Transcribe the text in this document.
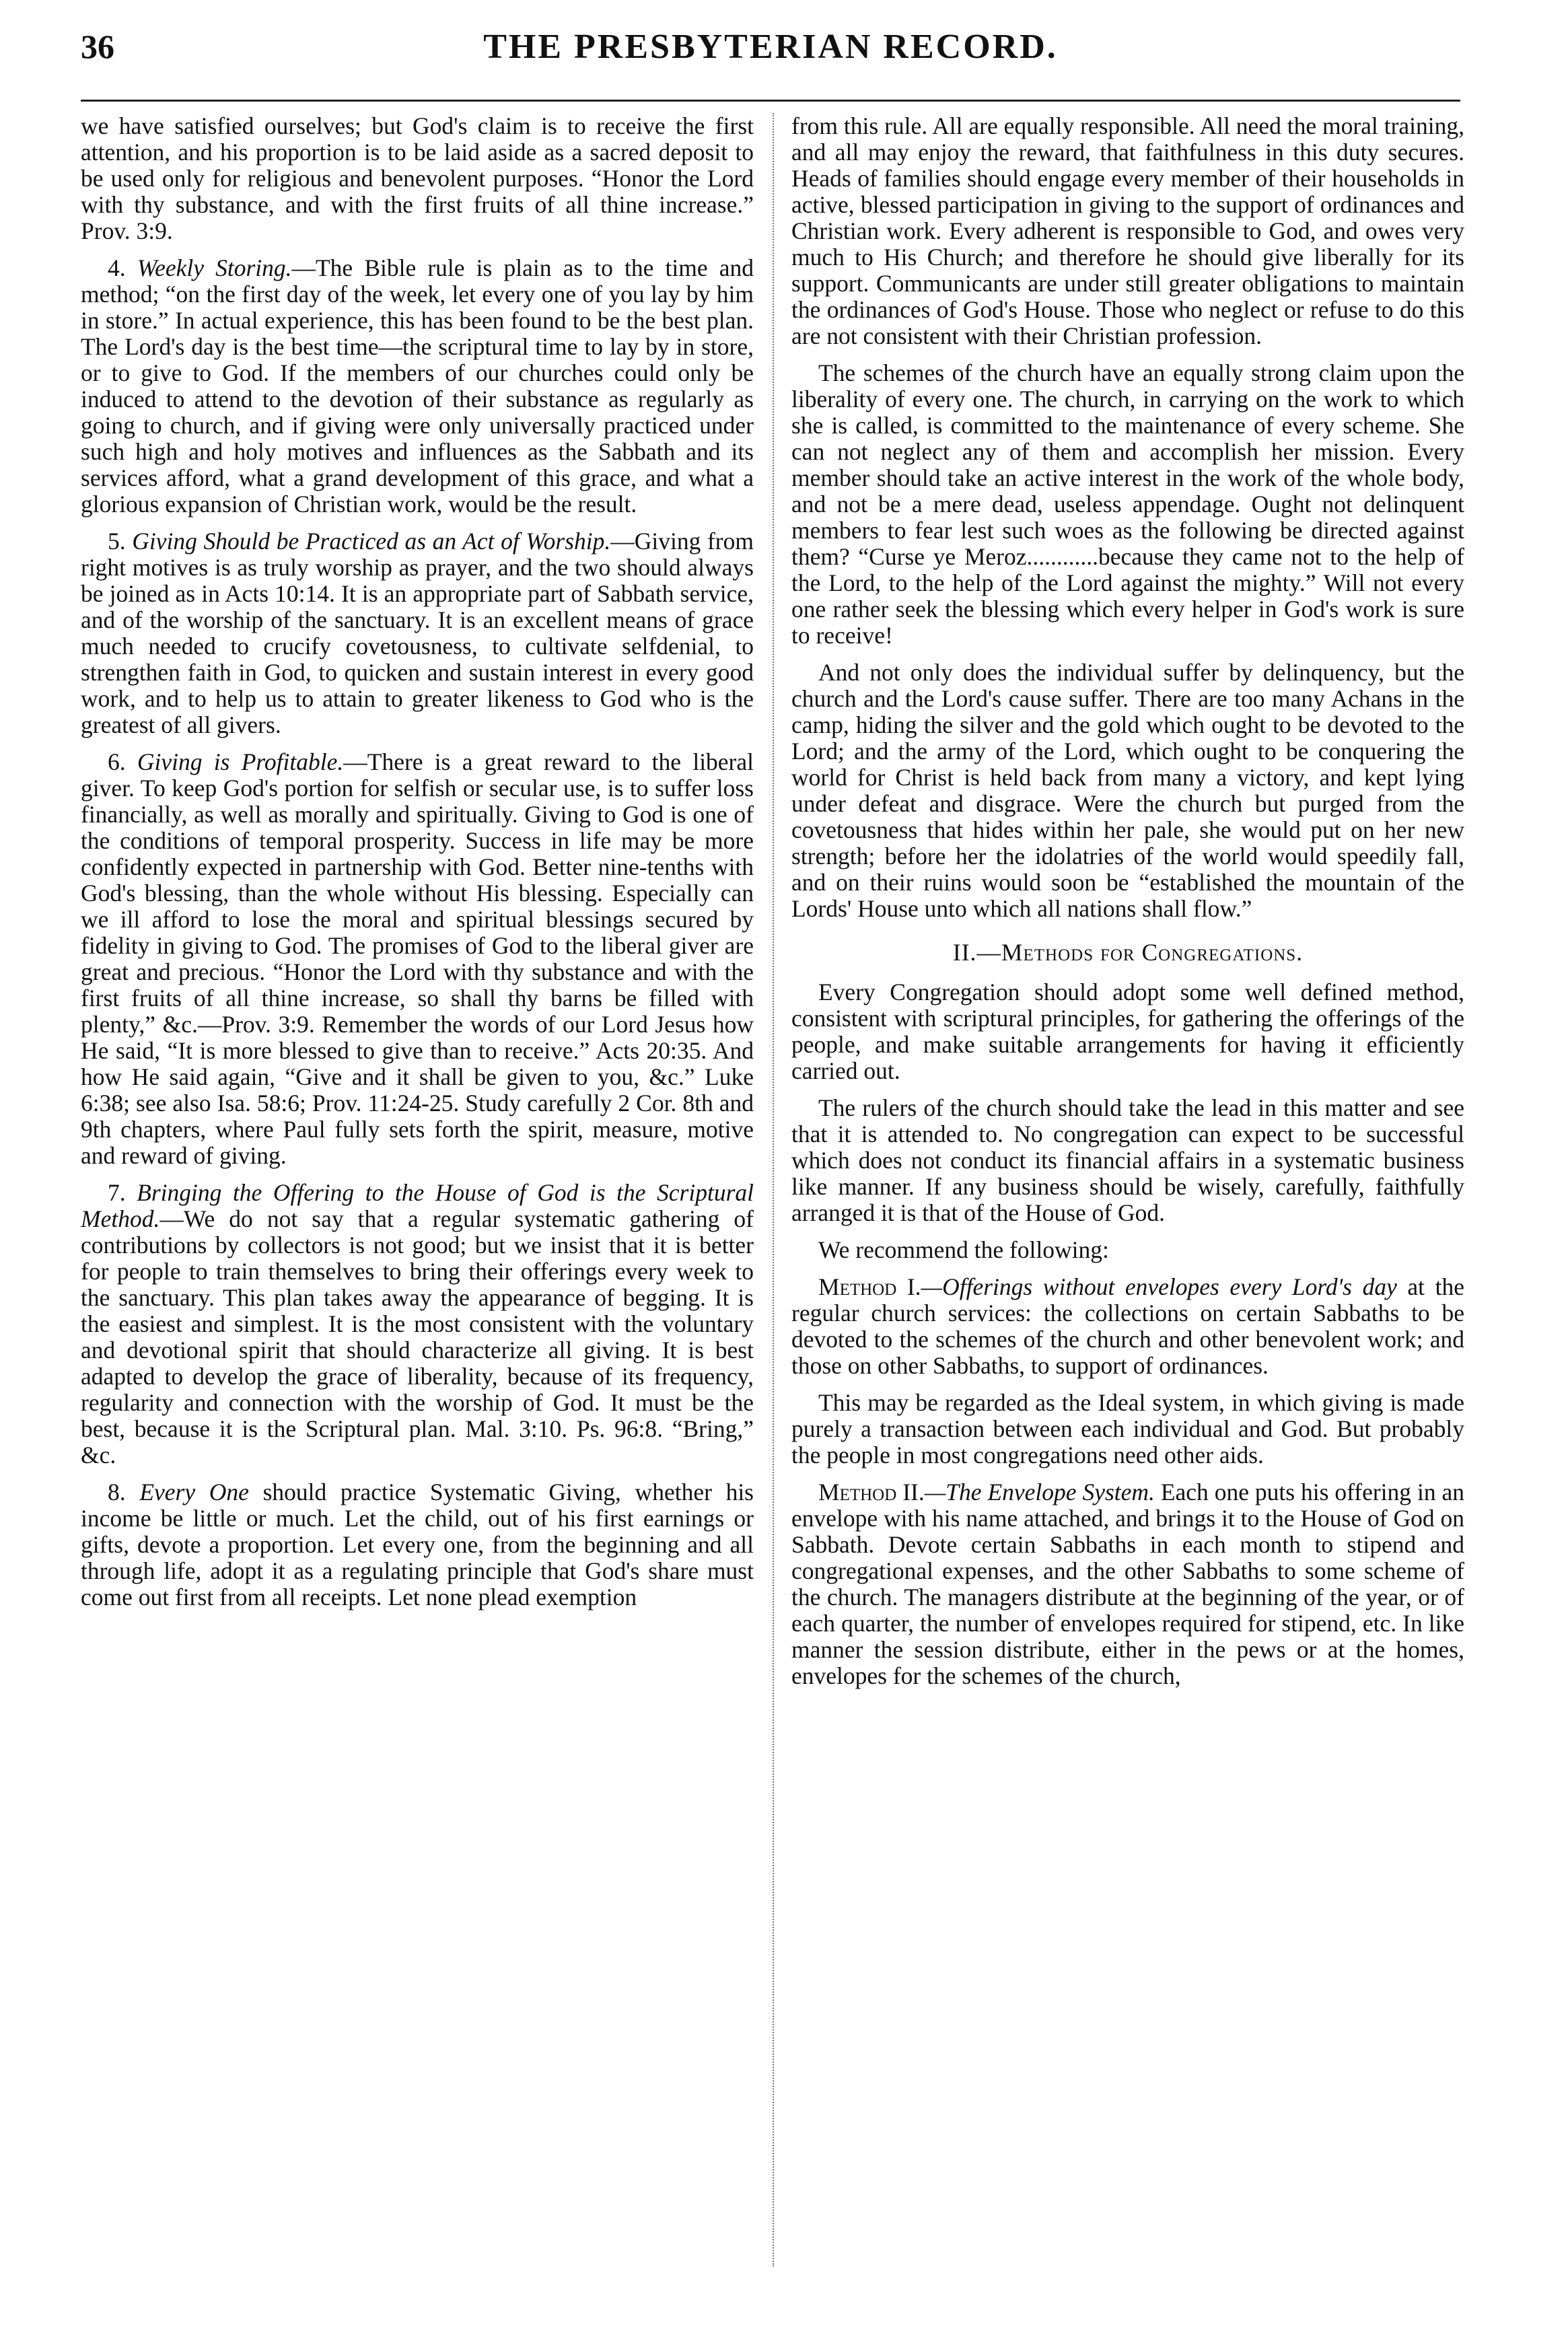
36	THE PRESBYTERIAN RECORD.

we have satisfied ourselves; but God's claim is to receive the first attention, and his proportion is to be laid aside as a sacred deposit to be used only for religious and benevolent purposes. “Honor the Lord with thy substance, and with the first fruits of all thine increase.” Prov. 3:9.

4. Weekly Storing.—The Bible rule is plain as to the time and method; “on the first day of the week, let every one of you lay by him in store.” In actual experience, this has been found to be the best plan. The Lord's day is the best time—the scriptural time to lay by in store, or to give to God. If the members of our churches could only be induced to attend to the devotion of their substance as regularly as going to church, and if giving were only universally practiced under such high and holy motives and influences as the Sabbath and its services afford, what a grand development of this grace, and what a glorious expansion of Christian work, would be the result.

5. Giving Should be Practiced as an Act of Worship.—Giving from right motives is as truly worship as prayer, and the two should always be joined as in Acts 10:14. It is an appropriate part of Sabbath service, and of the worship of the sanctuary. It is an excellent means of grace much needed to crucify covetousness, to cultivate selfdenial, to strengthen faith in God, to quicken and sustain interest in every good work, and to help us to attain to greater likeness to God who is the greatest of all givers.

6. Giving is Profitable.—There is a great reward to the liberal giver. To keep God's portion for selfish or secular use, is to suffer loss financially, as well as morally and spiritually. Giving to God is one of the conditions of temporal prosperity. Success in life may be more confidently expected in partnership with God. Better nine-tenths with God's blessing, than the whole without His blessing. Especially can we ill afford to lose the moral and spiritual blessings secured by fidelity in giving to God. The promises of God to the liberal giver are great and precious. “Honor the Lord with thy substance and with the first fruits of all thine increase, so shall thy barns be filled with plenty,” &c.—Prov. 3:9. Remember the words of our Lord Jesus how He said, “It is more blessed to give than to receive.” Acts 20:35. And how He said again, “Give and it shall be given to you, &c.” Luke 6:38; see also Isa. 58:6; Prov. 11:24-25. Study carefully 2 Cor. 8th and 9th chapters, where Paul fully sets forth the spirit, measure, motive and reward of giving.

7. Bringing the Offering to the House of God is the Scriptural Method.—We do not say that a regular systematic gathering of contributions by collectors is not good; but we insist that it is better for people to train themselves to bring their offerings every week to the sanctuary. This plan takes away the appearance of begging. It is the easiest and simplest. It is the most consistent with the voluntary and devotional spirit that should characterize all giving. It is best adapted to develop the grace of liberality, because of its frequency, regularity and connection with the worship of God. It must be the best, because it is the Scriptural plan. Mal. 3:10. Ps. 96:8. “Bring,” &c.

8. Every One should practice Systematic Giving, whether his income be little or much. Let the child, out of his first earnings or gifts, devote a proportion. Let every one, from the beginning and all through life, adopt it as a regulating principle that God's share must come out first from all receipts. Let none plead exemption

from this rule. All are equally responsible. All need the moral training, and all may enjoy the reward, that faithfulness in this duty secures. Heads of families should engage every member of their households in active, blessed participation in giving to the support of ordinances and Christian work. Every adherent is responsible to God, and owes very much to His Church; and therefore he should give liberally for its support. Communicants are under still greater obligations to maintain the ordinances of God's House. Those who neglect or refuse to do this are not consistent with their Christian profession.

The schemes of the church have an equally strong claim upon the liberality of every one. The church, in carrying on the work to which she is called, is committed to the maintenance of every scheme. She can not neglect any of them and accomplish her mission. Every member should take an active interest in the work of the whole body, and not be a mere dead, useless appendage. Ought not delinquent members to fear lest such woes as the following be directed against them? “Curse ye Meroz............because they came not to the help of the Lord, to the help of the Lord against the mighty.” Will not every one rather seek the blessing which every helper in God's work is sure to receive!

And not only does the individual suffer by delinquency, but the church and the Lord's cause suffer. There are too many Achans in the camp, hiding the silver and the gold which ought to be devoted to the Lord; and the army of the Lord, which ought to be conquering the world for Christ is held back from many a victory, and kept lying under defeat and disgrace. Were the church but purged from the covetousness that hides within her pale, she would put on her new strength; before her the idolatries of the world would speedily fall, and on their ruins would soon be “established the mountain of the Lords' House unto which all nations shall flow.”

II.—Methods for Congregations.

Every Congregation should adopt some well defined method, consistent with scriptural principles, for gathering the offerings of the people, and make suitable arrangements for having it efficiently carried out.

The rulers of the church should take the lead in this matter and see that it is attended to. No congregation can expect to be successful which does not conduct its financial affairs in a systematic business like manner. If any business should be wisely, carefully, faithfully arranged it is that of the House of God.

We recommend the following:

Method I.—Offerings without envelopes every Lord's day at the regular church services: the collections on certain Sabbaths to be devoted to the schemes of the church and other benevolent work; and those on other Sabbaths, to support of ordinances.

This may be regarded as the Ideal system, in which giving is made purely a transaction between each individual and God. But probably the people in most congregations need other aids.

Method II.—The Envelope System. Each one puts his offering in an envelope with his name attached, and brings it to the House of God on Sabbath. Devote certain Sabbaths in each month to stipend and congregational expenses, and the other Sabbaths to some scheme of the church. The managers distribute at the beginning of the year, or of each quarter, the number of envelopes required for stipend, etc. In like manner the session distribute, either in the pews or at the homes, envelopes for the schemes of the church,
